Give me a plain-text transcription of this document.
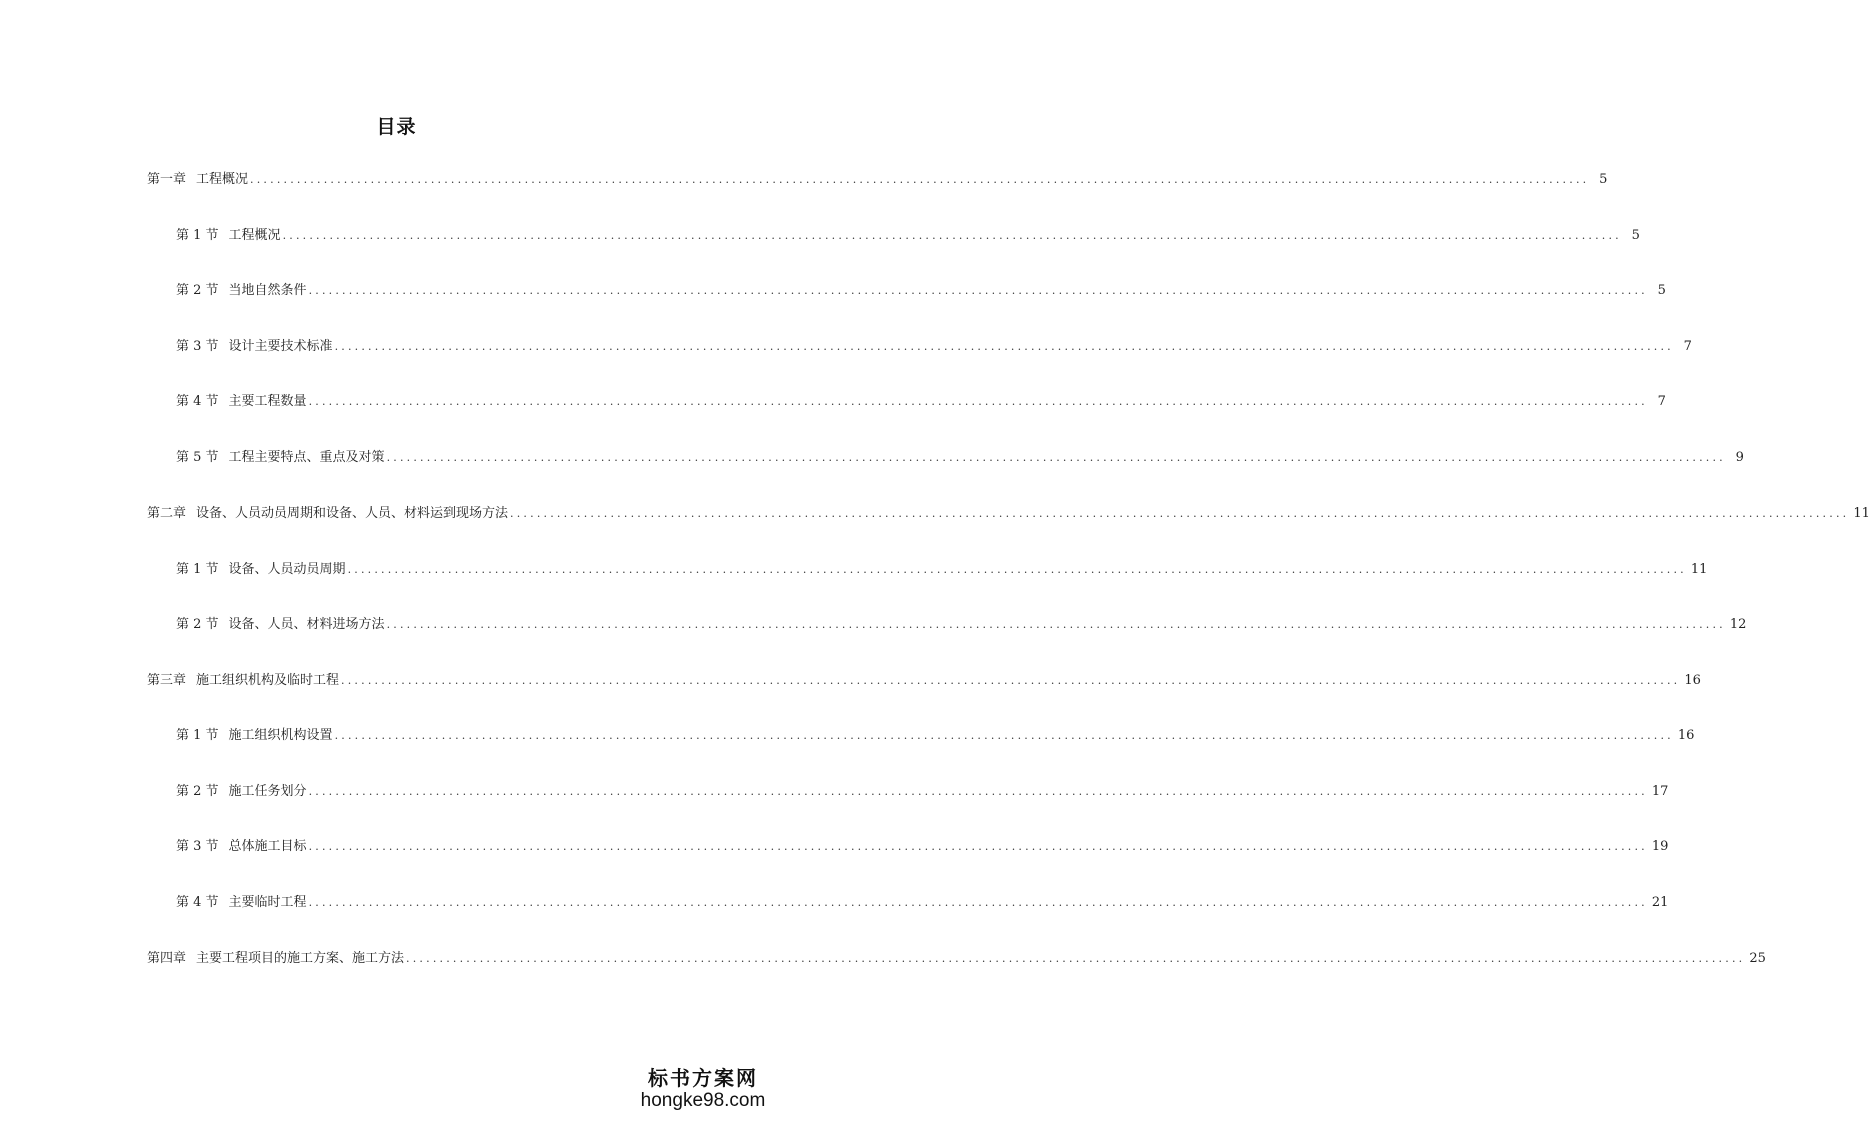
目录
第一章 工程概况 ........................................................................................................................................................................................................ 5
第 1 节 工程概况 ........................................................................................................................................................................................................ 5
第 2 节 当地自然条件 ........................................................................................................................................................................................................ 5
第 3 节 设计主要技术标准 ........................................................................................................................................................................................................ 7
第 4 节 主要工程数量 ........................................................................................................................................................................................................ 7
第 5 节 工程主要特点、重点及对策 ........................................................................................................................................................................................................ 9
第二章 设备、人员动员周期和设备、人员、材料运到现场方法 ........................................................................................................................................................................................................ 11
第 1 节 设备、人员动员周期 ........................................................................................................................................................................................................ 11
第 2 节 设备、人员、材料进场方法 ........................................................................................................................................................................................................ 12
第三章 施工组织机构及临时工程 ........................................................................................................................................................................................................ 16
第 1 节 施工组织机构设置 ........................................................................................................................................................................................................ 16
第 2 节 施工任务划分 ........................................................................................................................................................................................................ 17
第 3 节 总体施工目标 ........................................................................................................................................................................................................ 19
第 4 节 主要临时工程 ........................................................................................................................................................................................................ 21
第四章 主要工程项目的施工方案、施工方法 ........................................................................................................................................................................................................ 25
标书方案网
hongke98.com
